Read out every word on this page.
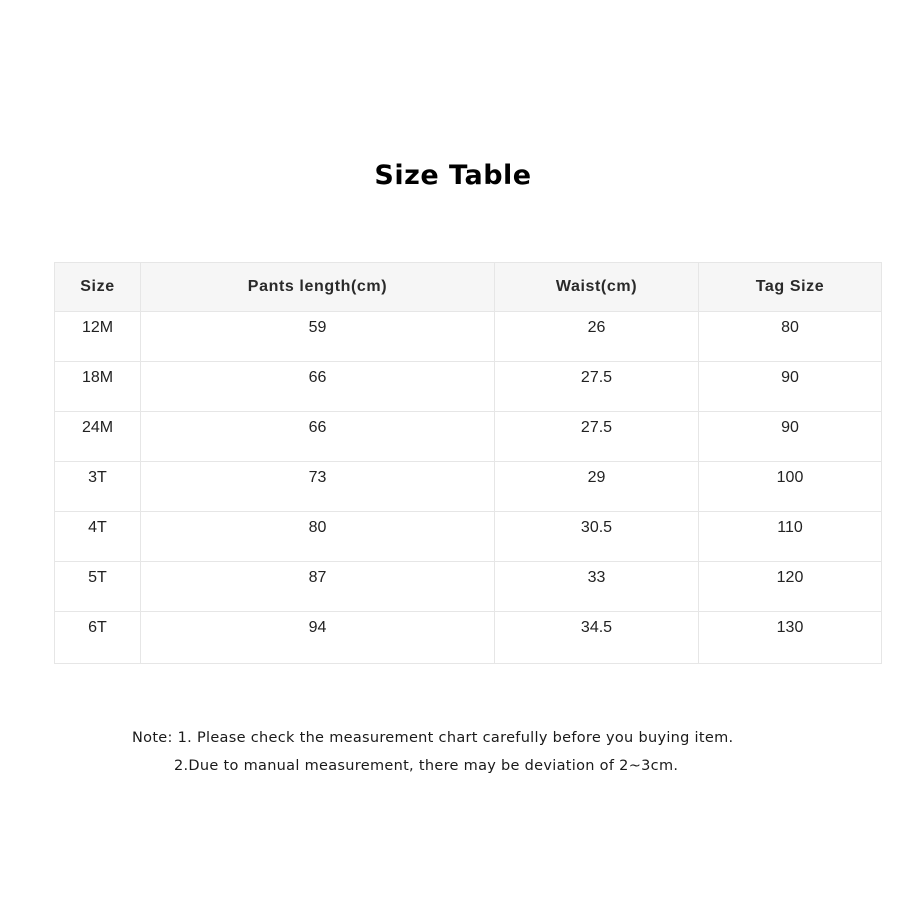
Size Table
Size	Pants length(cm)	Waist(cm)	Tag Size
12M	59	26	80
18M	66	27.5	90
24M	66	27.5	90
3T	73	29	100
4T	80	30.5	110
5T	87	33	120
6T	94	34.5	130
Note: 1. Please check the measurement chart carefully before you buying item.
2.Due to manual measurement, there may be deviation of 2~3cm.
